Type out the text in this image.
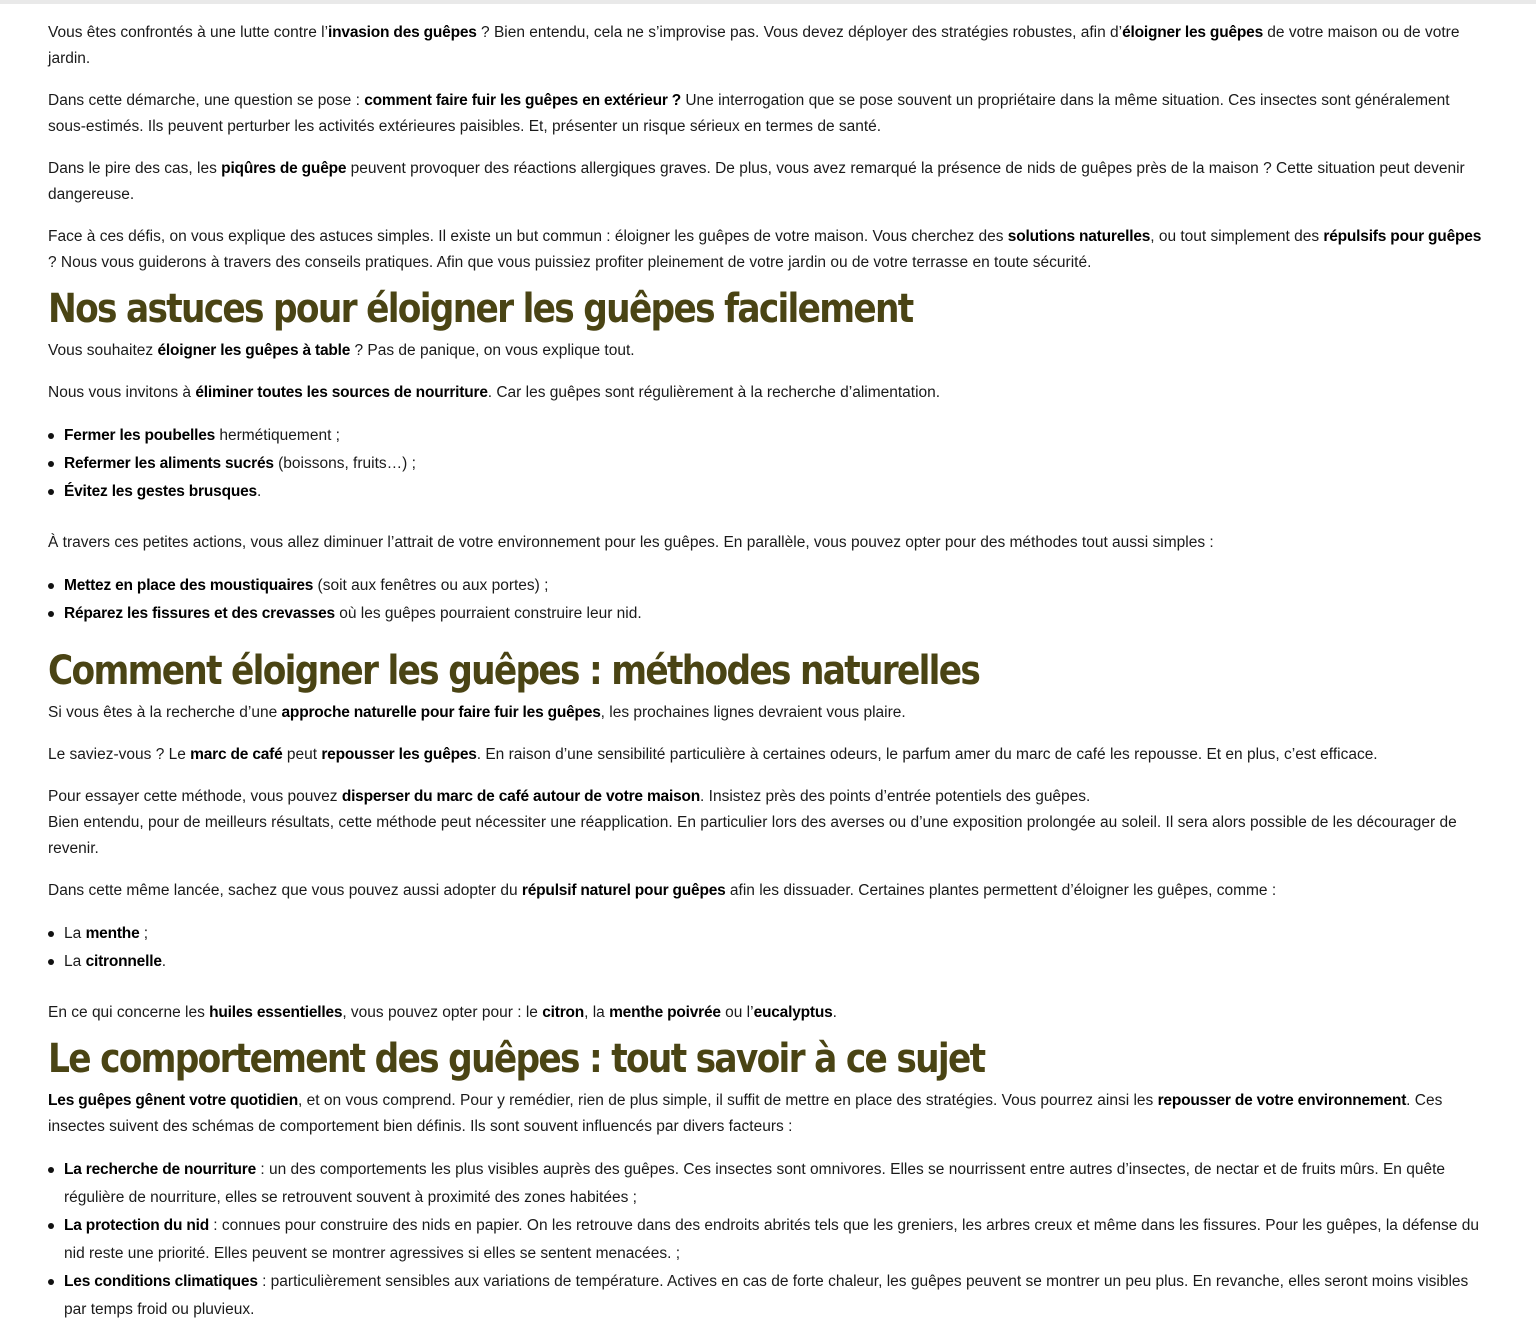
Vous êtes confrontés à une lutte contre l’invasion des guêpes ? Bien entendu, cela ne s’improvise pas. Vous devez déployer des stratégies robustes, afin d’éloigner les guêpes de votre maison ou de votre jardin.

Dans cette démarche, une question se pose : comment faire fuir les guêpes en extérieur ? Une interrogation que se pose souvent un propriétaire dans la même situation. Ces insectes sont généralement sous-estimés. Ils peuvent perturber les activités extérieures paisibles. Et, présenter un risque sérieux en termes de santé.

Dans le pire des cas, les piqûres de guêpe peuvent provoquer des réactions allergiques graves. De plus, vous avez remarqué la présence de nids de guêpes près de la maison ? Cette situation peut devenir dangereuse.

Face à ces défis, on vous explique des astuces simples. Il existe un but commun : éloigner les guêpes de votre maison. Vous cherchez des solutions naturelles, ou tout simplement des répulsifs pour guêpes ? Nous vous guiderons à travers des conseils pratiques. Afin que vous puissiez profiter pleinement de votre jardin ou de votre terrasse en toute sécurité.

Nos astuces pour éloigner les guêpes facilement

Vous souhaitez éloigner les guêpes à table ? Pas de panique, on vous explique tout.

Nous vous invitons à éliminer toutes les sources de nourriture. Car les guêpes sont régulièrement à la recherche d’alimentation.

Fermer les poubelles hermétiquement ;
Refermer les aliments sucrés (boissons, fruits…) ;
Évitez les gestes brusques.

À travers ces petites actions, vous allez diminuer l’attrait de votre environnement pour les guêpes. En parallèle, vous pouvez opter pour des méthodes tout aussi simples :

Mettez en place des moustiquaires (soit aux fenêtres ou aux portes) ;
Réparez les fissures et des crevasses où les guêpes pourraient construire leur nid.
Comment éloigner les guêpes : méthodes naturelles

Si vous êtes à la recherche d’une approche naturelle pour faire fuir les guêpes, les prochaines lignes devraient vous plaire.

Le saviez-vous ? Le marc de café peut repousser les guêpes. En raison d’une sensibilité particulière à certaines odeurs, le parfum amer du marc de café les repousse. Et en plus, c’est efficace.

Pour essayer cette méthode, vous pouvez disperser du marc de café autour de votre maison. Insistez près des points d’entrée potentiels des guêpes.
Bien entendu, pour de meilleurs résultats, cette méthode peut nécessiter une réapplication. En particulier lors des averses ou d’une exposition prolongée au soleil. Il sera alors possible de les décourager de revenir.

Dans cette même lancée, sachez que vous pouvez aussi adopter du répulsif naturel pour guêpes afin les dissuader. Certaines plantes permettent d’éloigner les guêpes, comme :

La menthe ;
La citronnelle.

En ce qui concerne les huiles essentielles, vous pouvez opter pour : le citron, la menthe poivrée ou l’eucalyptus.

Le comportement des guêpes : tout savoir à ce sujet

Les guêpes gênent votre quotidien, et on vous comprend. Pour y remédier, rien de plus simple, il suffit de mettre en place des stratégies. Vous pourrez ainsi les repousser de votre environnement. Ces insectes suivent des schémas de comportement bien définis. Ils sont souvent influencés par divers facteurs :

La recherche de nourriture : un des comportements les plus visibles auprès des guêpes. Ces insectes sont omnivores. Elles se nourrissent entre autres d’insectes, de nectar et de fruits mûrs. En quête régulière de nourriture, elles se retrouvent souvent à proximité des zones habitées ;
La protection du nid : connues pour construire des nids en papier. On les retrouve dans des endroits abrités tels que les greniers, les arbres creux et même dans les fissures. Pour les guêpes, la défense du nid reste une priorité. Elles peuvent se montrer agressives si elles se sentent menacées. ;
Les conditions climatiques : particulièrement sensibles aux variations de température. Actives en cas de forte chaleur, les guêpes peuvent se montrer un peu plus. En revanche, elles seront moins visibles par temps froid ou pluvieux.
